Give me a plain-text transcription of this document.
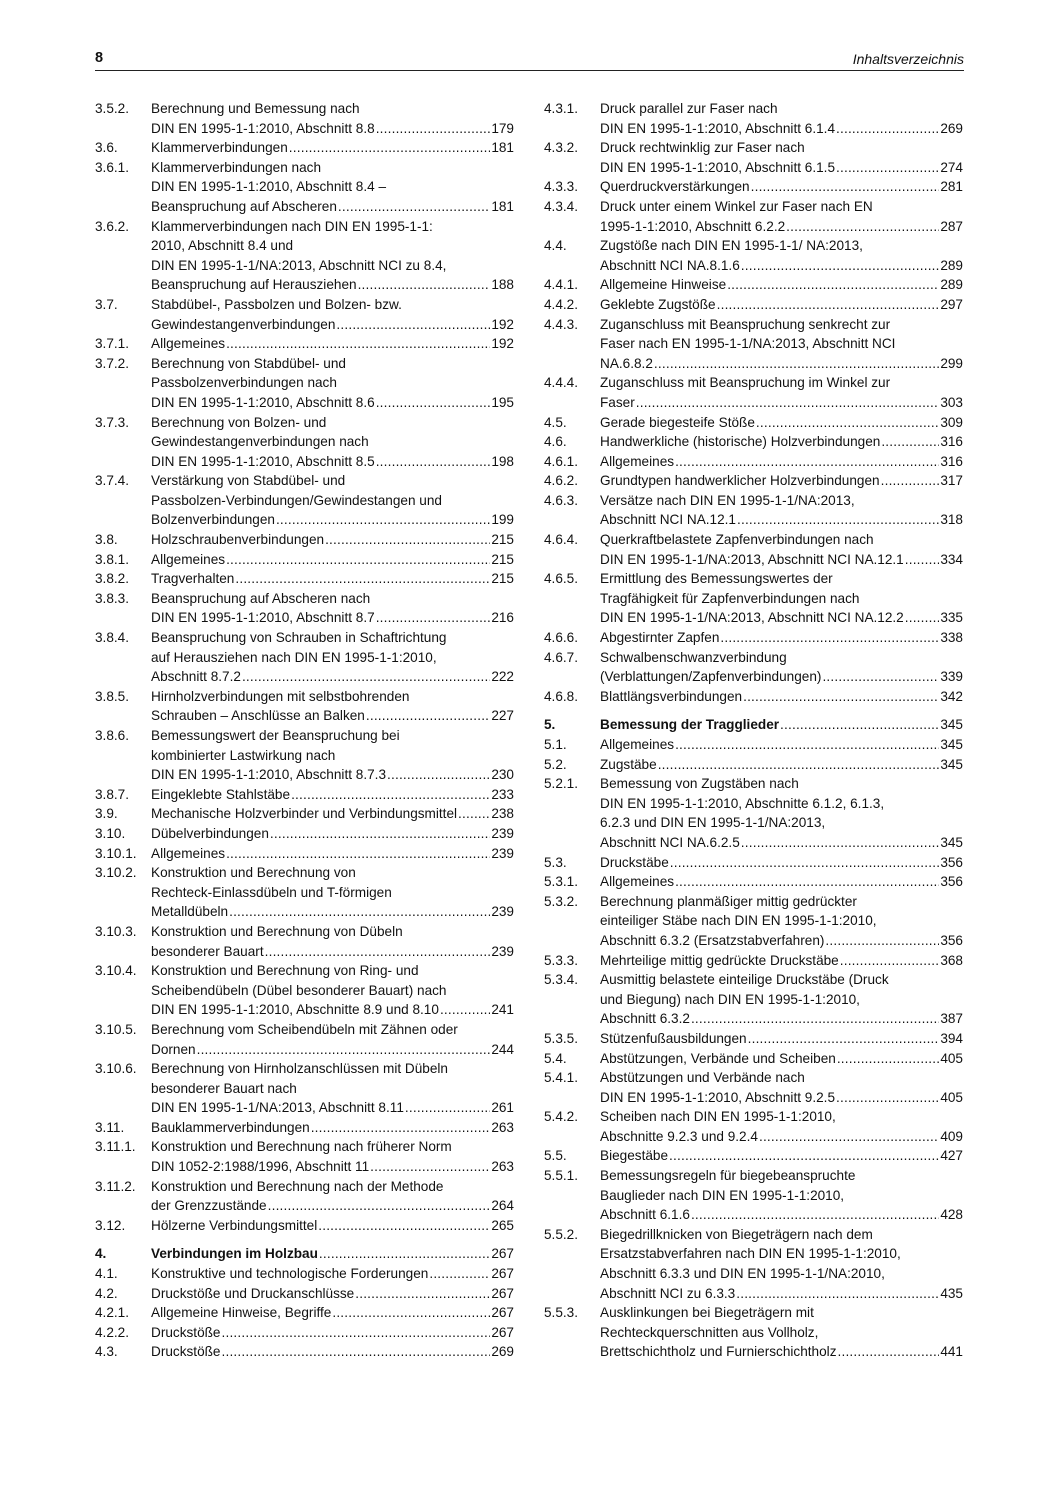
8	Inhaltsverzeichnis
3.5.2.	Berechnung und Bemessung nach
DIN EN 1995-1-1:2010, Abschnitt 8.8 .....	179
3.6. Klammerverbindungen .....	181
3.6.1.	Klammerverbindungen nach
DIN EN 1995-1-1:2010, Abschnitt 8.4 –
Beanspruchung auf Abscheren .....	181
3.6.2.	Klammerverbindungen nach DIN EN 1995-1-1:
2010, Abschnitt 8.4 und
DIN EN 1995-1-1/NA:2013, Abschnitt NCI zu 8.4,
Beanspruchung auf Herausziehen .....	188
3.7.	Stabdübel-, Passbolzen und Bolzen- bzw.
Gewindestangenverbindungen .....	192
3.7.1. Allgemeines .....	192
3.7.2.	Berechnung von Stabdübel- und
Passbolzenverbindungen nach
DIN EN 1995-1-1:2010, Abschnitt 8.6 .....	195
3.7.3.	Berechnung von Bolzen- und
Gewindestangenverbindungen nach
DIN EN 1995-1-1:2010, Abschnitt 8.5 .....	198
3.7.4.	Verstärkung von Stabdübel- und
Passbolzen-Verbindungen/Gewindestangen und
Bolzenverbindungen .....	199
3.8. Holzschraubenverbindungen .....	215
3.8.1. Allgemeines .....	215
3.8.2. Tragverhalten .....	215
3.8.3.	Beanspruchung auf Abscheren nach
DIN EN 1995-1-1:2010, Abschnitt 8.7 .....	216
3.8.4.	Beanspruchung von Schrauben in Schaftrichtung
auf Herausziehen nach DIN EN 1995-1-1:2010,
Abschnitt 8.7.2 .....	222
3.8.5.	Hirnholzverbindungen mit selbstbohrenden
Schrauben – Anschlüsse an Balken .....	227
3.8.6.	Bemessungswert der Beanspruchung bei
kombinierter Lastwirkung nach
DIN EN 1995-1-1:2010, Abschnitt 8.7.3 .....	230
3.8.7. Eingeklebte Stahlstäbe .....	233
3.9. Mechanische Holzverbinder und Verbindungsmittel .....	238
3.10. Dübelverbindungen .....	239
3.10.1. Allgemeines .....	239
3.10.2.	Konstruktion und Berechnung von
Rechteck-Einlassdübeln und T-förmigen
Metalldübeln .....	239
3.10.3.	Konstruktion und Berechnung von Dübeln
besonderer Bauart .....	239
3.10.4.	Konstruktion und Berechnung von Ring- und
Scheibendübeln (Dübel besonderer Bauart) nach
DIN EN 1995-1-1:2010, Abschnitte 8.9 und 8.10 .....	241
3.10.5.	Berechnung vom Scheibendübeln mit Zähnen oder
Dornen .....	244
3.10.6.	Berechnung von Hirnholzanschlüssen mit Dübeln
besonderer Bauart nach
DIN EN 1995-1-1/NA:2013, Abschnitt 8.11 .....	261
3.11. Bauklammerverbindungen .....	263
3.11.1.	Konstruktion und Berechnung nach früherer Norm
DIN 1052-2:1988/1996, Abschnitt 11 .....	263
3.11.2.	Konstruktion und Berechnung nach der Methode
der Grenzzustände .....	264
3.12. Hölzerne Verbindungsmittel .....	265
4.	Verbindungen im Holzbau .....	267
4.1. Konstruktive und technologische Forderungen .....	267
4.2. Druckstöße und Druckanschlüsse .....	267
4.2.1. Allgemeine Hinweise, Begriffe .....	267
4.2.2. Druckstöße .....	267
4.3. Druckstöße .....	269
4.3.1.	Druck parallel zur Faser nach
DIN EN 1995-1-1:2010, Abschnitt 6.1.4 .....	269
4.3.2.	Druck rechtwinklig zur Faser nach
DIN EN 1995-1-1:2010, Abschnitt 6.1.5 .....	274
4.3.3. Querdruckverstärkungen .....	281
4.3.4.	Druck unter einem Winkel zur Faser nach EN
1995-1-1:2010, Abschnitt 6.2.2 .....	287
4.4.	Zugstöße nach DIN EN 1995-1-1/ NA:2013,
Abschnitt NCI NA.8.1.6 .....	289
4.4.1. Allgemeine Hinweise .....	289
4.4.2. Geklebte Zugstöße .....	297
4.4.3.	Zuganschluss mit Beanspruchung senkrecht zur
Faser nach EN 1995-1-1/NA:2013, Abschnitt NCI
NA.6.8.2 .....	299
4.4.4.	Zuganschluss mit Beanspruchung im Winkel zur
Faser .....	303
4.5. Gerade biegesteife Stöße .....	309
4.6. Handwerkliche (historische) Holzverbindungen .....	316
4.6.1. Allgemeines .....	316
4.6.2. Grundtypen handwerklicher Holzverbindungen .....	317
4.6.3.	Versätze nach DIN EN 1995-1-1/NA:2013,
Abschnitt NCI NA.12.1 .....	318
4.6.4.	Querkraftbelastete Zapfenverbindungen nach
DIN EN 1995-1-1/NA:2013, Abschnitt NCI NA.12.1 .....	334
4.6.5.	Ermittlung des Bemessungswertes der
Tragfähigkeit für Zapfenverbindungen nach
DIN EN 1995-1-1/NA:2013, Abschnitt NCI NA.12.2 .....	335
4.6.6. Abgestirnter Zapfen .....	338
4.6.7.	Schwalbenschwanzverbindung
(Verblattungen/Zapfenverbindungen) .....	339
4.6.8. Blattlängsverbindungen .....	342
5.	Bemessung der Tragglieder .....	345
5.1. Allgemeines .....	345
5.2. Zugstäbe .....	345
5.2.1.	Bemessung von Zugstäben nach
DIN EN 1995-1-1:2010, Abschnitte 6.1.2, 6.1.3,
6.2.3 und DIN EN 1995-1-1/NA:2013,
Abschnitt NCI NA.6.2.5 .....	345
5.3. Druckstäbe .....	356
5.3.1. Allgemeines .....	356
5.3.2.	Berechnung planmäßiger mittig gedrückter
einteiliger Stäbe nach DIN EN 1995-1-1:2010,
Abschnitt 6.3.2 (Ersatzstabverfahren) .....	356
5.3.3. Mehrteilige mittig gedrückte Druckstäbe .....	368
5.3.4.	Ausmittig belastete einteilige Druckstäbe (Druck
und Biegung) nach DIN EN 1995-1-1:2010,
Abschnitt 6.3.2 .....	387
5.3.5. Stützenfußausbildungen .....	394
5.4. Abstützungen, Verbände und Scheiben .....	405
5.4.1.	Abstützungen und Verbände nach
DIN EN 1995-1-1:2010, Abschnitt 9.2.5 .....	405
5.4.2.	Scheiben nach DIN EN 1995-1-1:2010,
Abschnitte 9.2.3 und 9.2.4 .....	409
5.5. Biegestäbe .....	427
5.5.1.	Bemessungsregeln für biegebeanspruchte
Bauglieder nach DIN EN 1995-1-1:2010,
Abschnitt 6.1.6 .....	428
5.5.2.	Biegedrillknicken von Biegeträgern nach dem
Ersatzstabverfahren nach DIN EN 1995-1-1:2010,
Abschnitt 6.3.3 und DIN EN 1995-1-1/NA:2010,
Abschnitt NCI zu 6.3.3 .....	435
5.5.3.	Ausklinkungen bei Biegeträgern mit
Rechteckquerschnitten aus Vollholz,
Brettschichtholz und Furnierschichtholz .....	441
